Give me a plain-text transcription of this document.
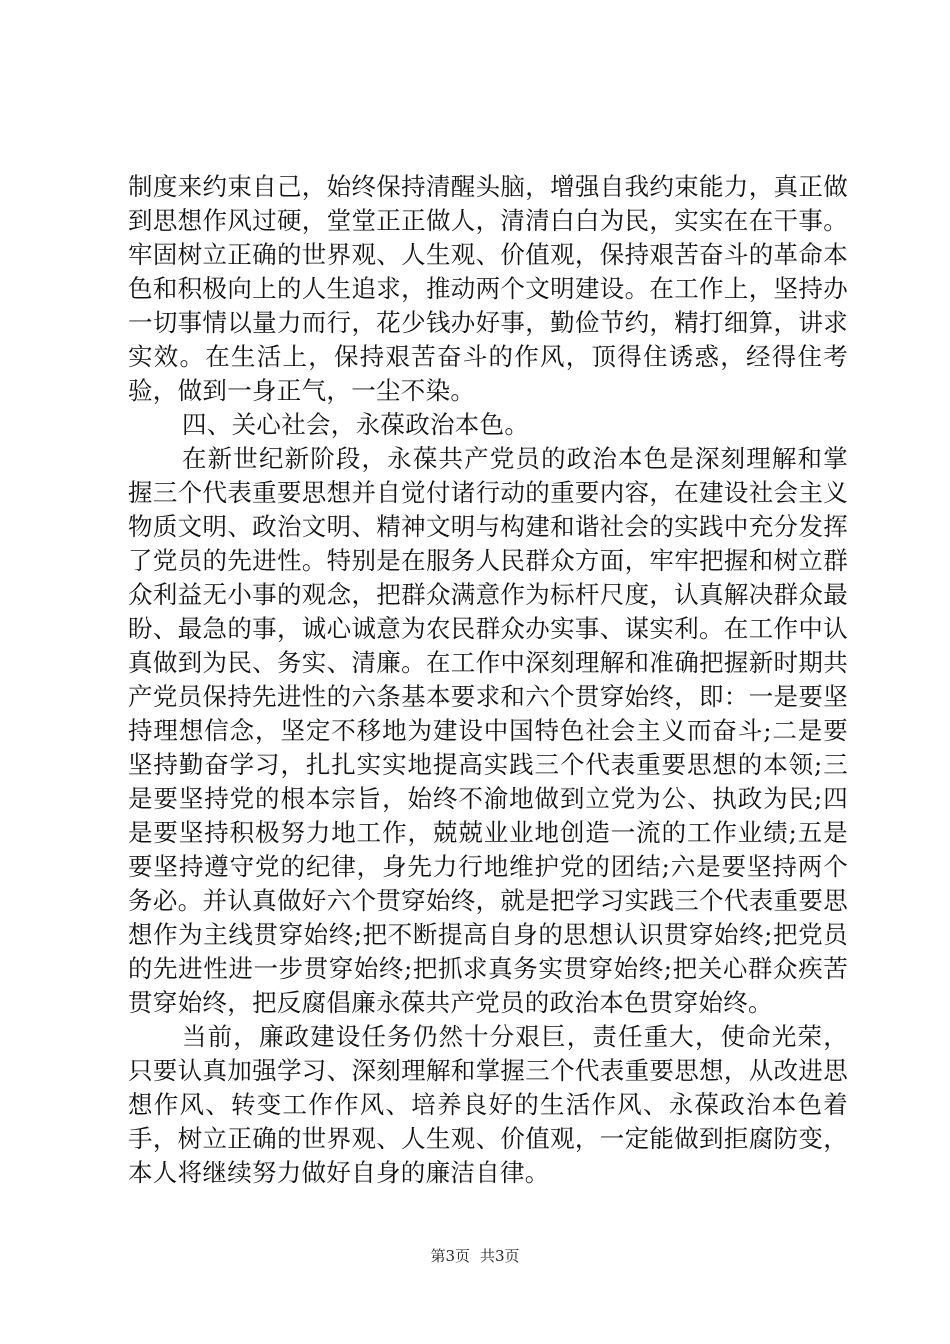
制度来约束自己，始终保持清醒头脑，增强自我约束能力，真正做到思想作风过硬，堂堂正正做人，清清白白为民，实实在在干事。牢固树立正确的世界观、人生观、价值观，保持艰苦奋斗的革命本色和积极向上的人生追求，推动两个文明建设。在工作上，坚持办一切事情以量力而行，花少钱办好事，勤俭节约，精打细算，讲求实效。在生活上，保持艰苦奋斗的作风，顶得住诱惑，经得住考验，做到一身正气，一尘不染。

四、关心社会，永葆政治本色。

在新世纪新阶段，永葆共产党员的政治本色是深刻理解和掌握三个代表重要思想并自觉付诸行动的重要内容，在建设社会主义物质文明、政治文明、精神文明与构建和谐社会的实践中充分发挥了党员的先进性。特别是在服务人民群众方面，牢牢把握和树立群众利益无小事的观念，把群众满意作为标杆尺度，认真解决群众最盼、最急的事，诚心诚意为农民群众办实事、谋实利。在工作中认真做到为民、务实、清廉。在工作中深刻理解和准确把握新时期共产党员保持先进性的六条基本要求和六个贯穿始终，即：一是要坚持理想信念，坚定不移地为建设中国特色社会主义而奋斗;二是要坚持勤奋学习，扎扎实实地提高实践三个代表重要思想的本领;三是要坚持党的根本宗旨，始终不渝地做到立党为公、执政为民;四是要坚持积极努力地工作，兢兢业业地创造一流的工作业绩;五是要坚持遵守党的纪律，身先力行地维护党的团结;六是要坚持两个务必。并认真做好六个贯穿始终，就是把学习实践三个代表重要思想作为主线贯穿始终;把不断提高自身的思想认识贯穿始终;把党员的先进性进一步贯穿始终;把抓求真务实贯穿始终;把关心群众疾苦贯穿始终，把反腐倡廉永葆共产党员的政治本色贯穿始终。

当前，廉政建设任务仍然十分艰巨，责任重大，使命光荣，只要认真加强学习、深刻理解和掌握三个代表重要思想，从改进思想作风、转变工作作风、培养良好的生活作风、永葆政治本色着手，树立正确的世界观、人生观、价值观，一定能做到拒腐防变，本人将继续努力做好自身的廉洁自律。

第3页 共3页
